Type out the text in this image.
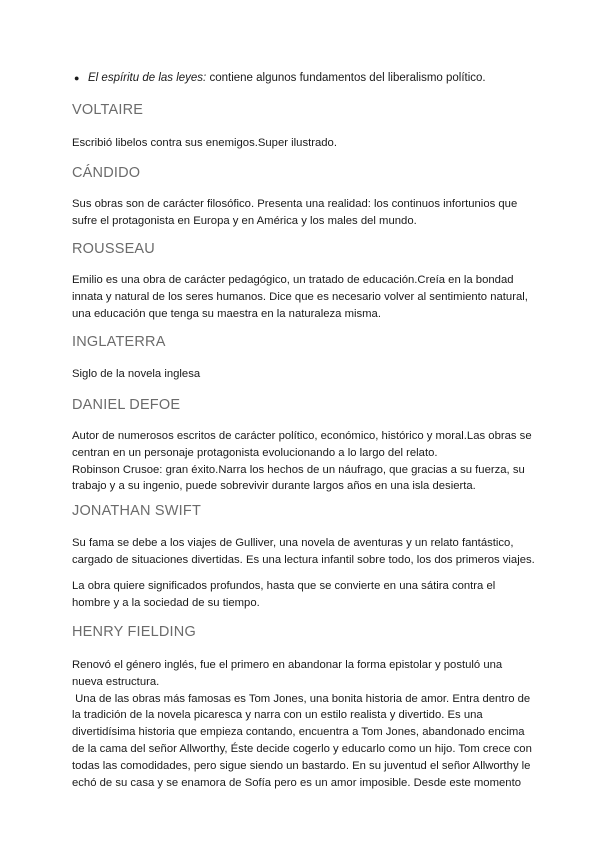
● El espíritu de las leyes: contiene algunos fundamentos del liberalismo político.
VOLTAIRE

Escribió libelos contra sus enemigos.Super ilustrado.

CÁNDIDO

Sus obras son de carácter filosófico. Presenta una realidad: los continuos infortunios que
sufre el protagonista en Europa y en América y los males del mundo.

ROUSSEAU

Emilio es una obra de carácter pedagógico, un tratado de educación.Creía en la bondad
innata y natural de los seres humanos. Dice que es necesario volver al sentimiento natural,
una educación que tenga su maestra en la naturaleza misma.

INGLATERRA

Siglo de la novela inglesa

DANIEL DEFOE

Autor de numerosos escritos de carácter político, económico, histórico y moral.Las obras se
centran en un personaje protagonista evolucionando a lo largo del relato.
Robinson Crusoe: gran éxito.Narra los hechos de un náufrago, que gracias a su fuerza, su
trabajo y a su ingenio, puede sobrevivir durante largos años en una isla desierta.

JONATHAN SWIFT

Su fama se debe a los viajes de Gulliver, una novela de aventuras y un relato fantástico,
cargado de situaciones divertidas. Es una lectura infantil sobre todo, los dos primeros viajes.

La obra quiere significados profundos, hasta que se convierte en una sátira contra el
hombre y a la sociedad de su tiempo.

HENRY FIELDING

Renovó el género inglés, fue el primero en abandonar la forma epistolar y postuló una
nueva estructura.
Una de las obras más famosas es Tom Jones, una bonita historia de amor. Entra dentro de
la tradición de la novela picaresca y narra con un estilo realista y divertido. Es una
divertidísima historia que empieza contando, encuentra a Tom Jones, abandonado encima
de la cama del señor Allworthy, Éste decide cogerlo y educarlo como un hijo. Tom crece con
todas las comodidades, pero sigue siendo un bastardo. En su juventud el señor Allworthy le
echó de su casa y se enamora de Sofía pero es un amor imposible. Desde este momento
